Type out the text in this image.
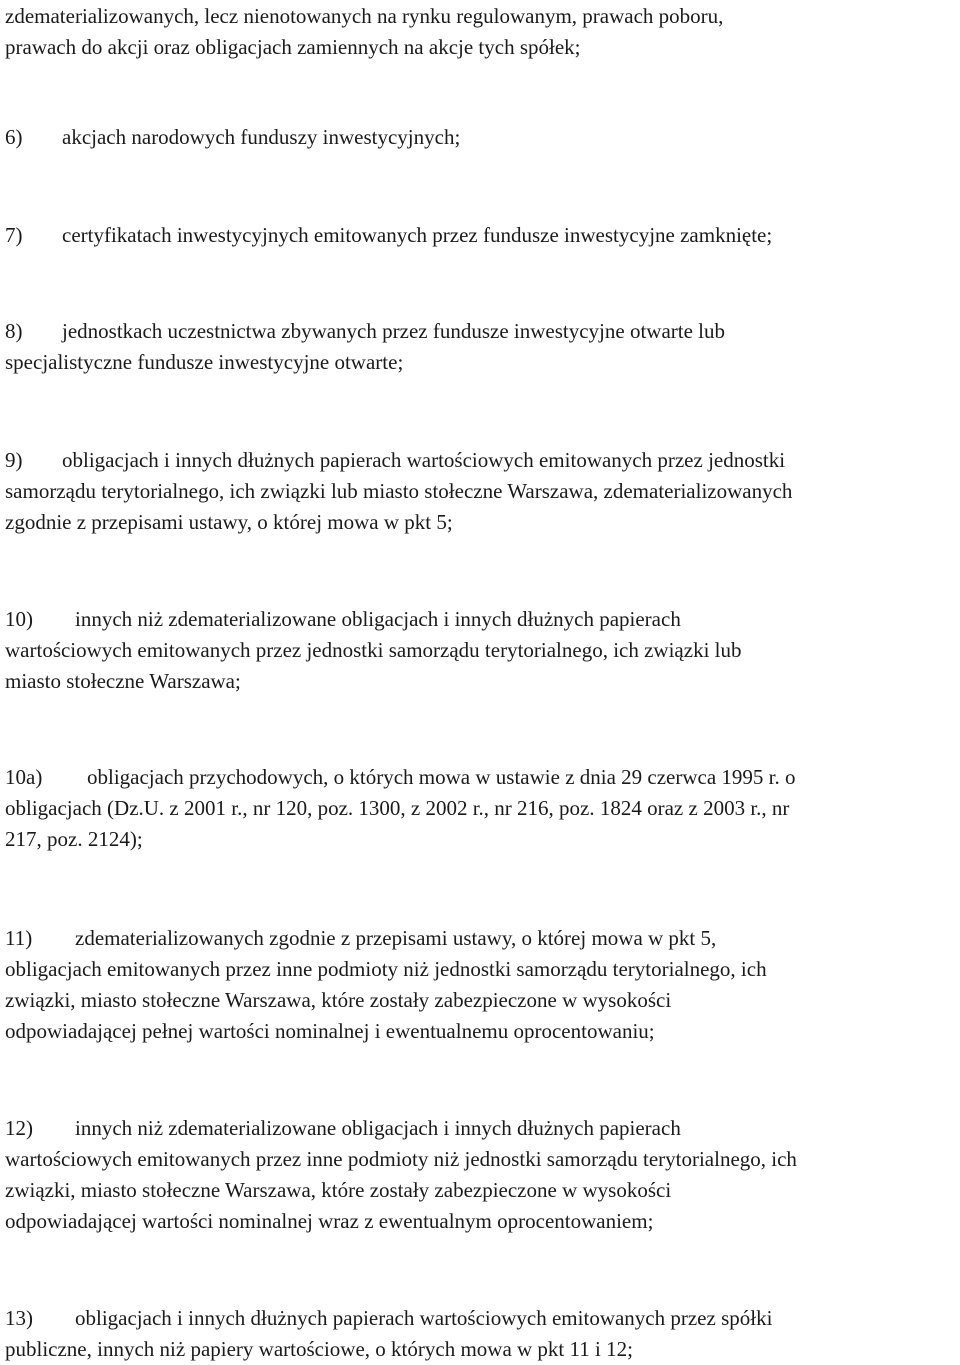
zdematerializowanych, lecz nienotowanych na rynku regulowanym, prawach poboru,
prawach do akcji oraz obligacjach zamiennych na akcje tych spółek;
6) akcjach narodowych funduszy inwestycyjnych;
7) certyfikatach inwestycyjnych emitowanych przez fundusze inwestycyjne zamknięte;
8) jednostkach uczestnictwa zbywanych przez fundusze inwestycyjne otwarte lub
specjalistyczne fundusze inwestycyjne otwarte;
9) obligacjach i innych dłużnych papierach wartościowych emitowanych przez jednostki
samorządu terytorialnego, ich związki lub miasto stołeczne Warszawa, zdematerializowanych
zgodnie z przepisami ustawy, o której mowa w pkt 5;
10) innych niż zdematerializowane obligacjach i innych dłużnych papierach
wartościowych emitowanych przez jednostki samorządu terytorialnego, ich związki lub
miasto stołeczne Warszawa;
10a) obligacjach przychodowych, o których mowa w ustawie z dnia 29 czerwca 1995 r. o
obligacjach (Dz.U. z 2001 r., nr 120, poz. 1300, z 2002 r., nr 216, poz. 1824 oraz z 2003 r., nr
217, poz. 2124);
11) zdematerializowanych zgodnie z przepisami ustawy, o której mowa w pkt 5,
obligacjach emitowanych przez inne podmioty niż jednostki samorządu terytorialnego, ich
związki, miasto stołeczne Warszawa, które zostały zabezpieczone w wysokości
odpowiadającej pełnej wartości nominalnej i ewentualnemu oprocentowaniu;
12) innych niż zdematerializowane obligacjach i innych dłużnych papierach
wartościowych emitowanych przez inne podmioty niż jednostki samorządu terytorialnego, ich
związki, miasto stołeczne Warszawa, które zostały zabezpieczone w wysokości
odpowiadającej wartości nominalnej wraz z ewentualnym oprocentowaniem;
13) obligacjach i innych dłużnych papierach wartościowych emitowanych przez spółki
publiczne, innych niż papiery wartościowe, o których mowa w pkt 11 i 12;
